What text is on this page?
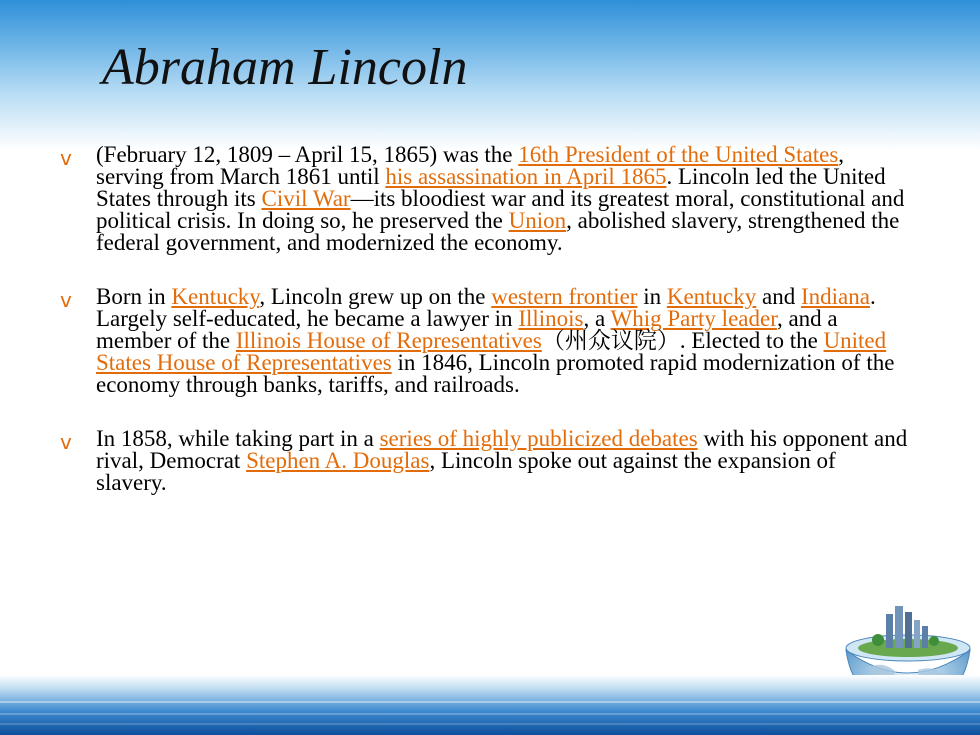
Abraham Lincoln
v (February 12, 1809 – April 15, 1865) was the 16th President of the United States, serving from March 1861 until his assassination in April 1865. Lincoln led the United States through its Civil War—its bloodiest war and its greatest moral, constitutional and political crisis. In doing so, he preserved the Union, abolished slavery, strengthened the federal government, and modernized the economy.

v Born in Kentucky, Lincoln grew up on the western frontier in Kentucky and Indiana. Largely self-educated, he became a lawyer in Illinois, a Whig Party leader, and a member of the Illinois House of Representatives（州众议院）. Elected to the United States House of Representatives in 1846, Lincoln promoted rapid modernization of the economy through banks, tariffs, and railroads.

v In 1858, while taking part in a series of highly publicized debates with his opponent and rival, Democrat Stephen A. Douglas, Lincoln spoke out against the expansion of slavery.
